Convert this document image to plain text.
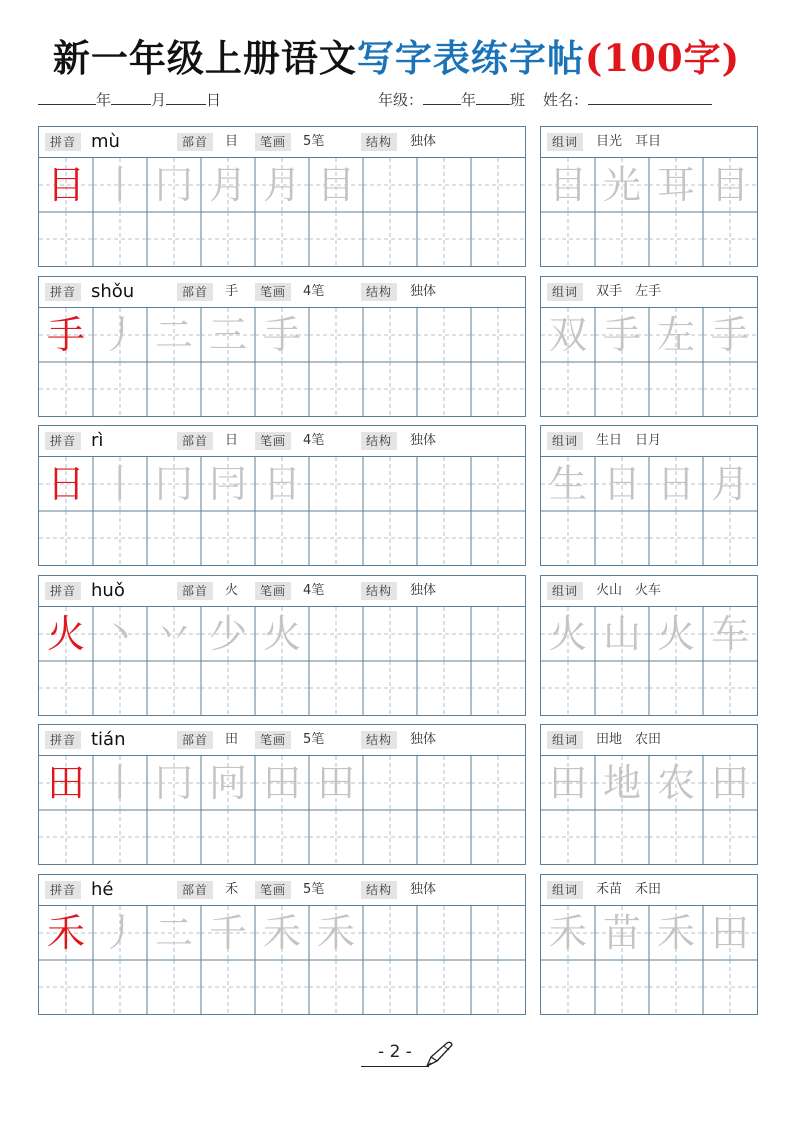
新一年级上册语文写字表练字帖(100字)
年	月	日	年级：	年 班 姓名：
拼音 mù	部首	目	笔画	5笔	结构	独体
目 丨 冂 月 月 目
组词	目光　耳目
目 光 耳 目
拼音 shǒu	部首	手	笔画	4笔	结构	独体
手 丿 二 三 手
组词	双手　左手
双 手 左 手
拼音 rì	部首	日	笔画	4笔	结构	独体
日 丨 冂 冃 日
组词	生日　日月
生 日 日 月
拼音 huǒ	部首	火	笔画	4笔	结构	独体
火 丶 丷 少 火
组词	火山　火车
火 山 火 车
拼音 tián	部首	田	笔画	5笔	结构	独体
田 丨 冂 冋 田 田
组词	田地　农田
田 地 农 田
拼音 hé	部首	禾	笔画	5笔	结构	独体
禾 丿 二 千 禾 禾
组词	禾苗　禾田
禾 苗 禾 田
- 2 -
